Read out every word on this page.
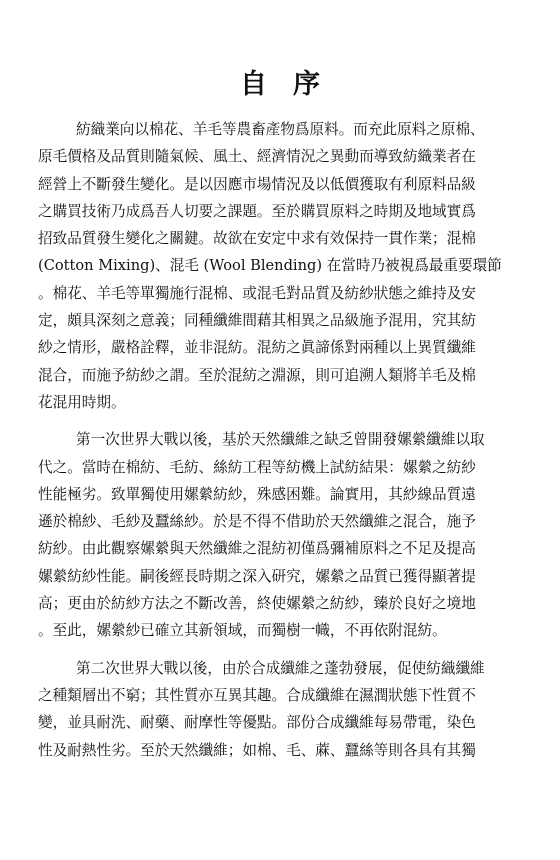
自序

紡織業向以棉花、羊毛等農畜產物爲原料。而充此原料之原棉、
原毛價格及品質則隨氣候、風土、經濟情況之異動而導致紡織業者在
經營上不斷發生變化。是以因應市場情況及以低價獲取有利原料品級
之購買技術乃成爲吾人切要之課題。至於購買原料之時期及地域實爲
招致品質發生變化之關鍵。故欲在安定中求有效保持一貫作業；混棉
(Cotton Mixing)、混毛 (Wool Blending) 在當時乃被視爲最重要環節
。棉花、羊毛等單獨施行混棉、或混毛對品質及紡紗狀態之維持及安
定，頗具深刻之意義；同種纖維間藉其相異之品級施予混用，究其紡
紗之情形，嚴格詮釋，並非混紡。混紡之眞諦係對兩種以上異質纖維
混合，而施予紡紗之謂。至於混紡之淵源，則可追溯人類將羊毛及棉
花混用時期。

第一次世界大戰以後，基於天然纖維之缺乏曾開發嫘縈纖維以取
代之。當時在棉紡、毛紡、絲紡工程等紡機上試紡結果：嫘縈之紡紗
性能極劣。致單獨使用嫘縈紡紗，殊感困難。論實用，其紗線品質遠
遜於棉紗、毛紗及蠶絲紗。於是不得不借助於天然纖維之混合，施予
紡紗。由此觀察嫘縈與天然纖維之混紡初僅爲彌補原料之不足及提高
嫘縈紡紗性能。嗣後經長時期之深入研究，嫘縈之品質已獲得顯著提
高；更由於紡紗方法之不斷改善，終使嫘縈之紡紗，臻於良好之境地
。至此，嫘縈紗已確立其新領域，而獨樹一幟，不再依附混紡。

第二次世界大戰以後，由於合成纖維之蓬勃發展，促使紡織纖維
之種類層出不窮；其性質亦互異其趣。合成纖維在濕潤狀態下性質不
變，並具耐洗、耐藥、耐摩性等優點。部份合成纖維每易帶電，染色
性及耐熱性劣。至於天然纖維；如棉、毛、蔴、蠶絲等則各具有其獨
